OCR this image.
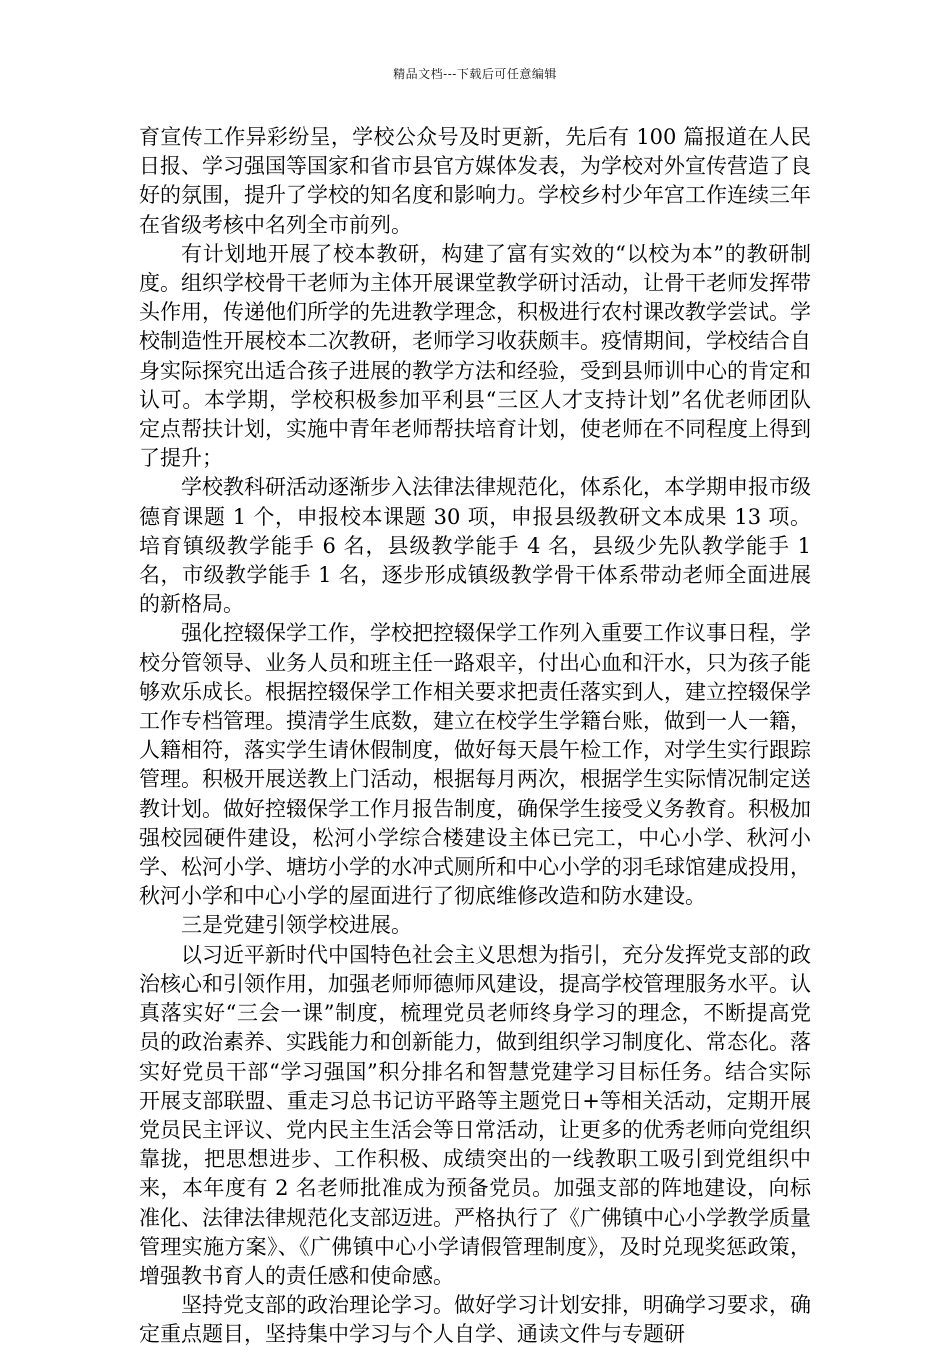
精品文档---下载后可任意编辑

育宣传工作异彩纷呈，学校公众号及时更新，先后有 100 篇报道在人民日报、学习强国等国家和省市县官方媒体发表，为学校对外宣传营造了良好的氛围，提升了学校的知名度和影响力。学校乡村少年宫工作连续三年在省级考核中名列全市前列。

有计划地开展了校本教研，构建了富有实效的“以校为本”的教研制度。组织学校骨干老师为主体开展课堂教学研讨活动，让骨干老师发挥带头作用，传递他们所学的先进教学理念，积极进行农村课改教学尝试。学校制造性开展校本二次教研，老师学习收获颇丰。疫情期间，学校结合自身实际探究出适合孩子进展的教学方法和经验，受到县师训中心的肯定和认可。本学期，学校积极参加平利县“三区人才支持计划”名优老师团队定点帮扶计划，实施中青年老师帮扶培育计划，使老师在不同程度上得到了提升；

学校教科研活动逐渐步入法律法律规范化，体系化，本学期申报市级德育课题 1 个，申报校本课题 30 项，申报县级教研文本成果 13 项。培育镇级教学能手 6 名，县级教学能手 4 名，县级少先队教学能手 1 名，市级教学能手 1 名，逐步形成镇级教学骨干体系带动老师全面进展的新格局。

强化控辍保学工作，学校把控辍保学工作列入重要工作议事日程，学校分管领导、业务人员和班主任一路艰辛，付出心血和汗水，只为孩子能够欢乐成长。根据控辍保学工作相关要求把责任落实到人，建立控辍保学工作专档管理。摸清学生底数，建立在校学生学籍台账，做到一人一籍，人籍相符，落实学生请休假制度，做好每天晨午检工作，对学生实行跟踪管理。积极开展送教上门活动，根据每月两次，根据学生实际情况制定送教计划。做好控辍保学工作月报告制度，确保学生接受义务教育。积极加强校园硬件建设，松河小学综合楼建设主体已完工，中心小学、秋河小学、松河小学、塘坊小学的水冲式厕所和中心小学的羽毛球馆建成投用，秋河小学和中心小学的屋面进行了彻底维修改造和防水建设。

三是党建引领学校进展。

以习近平新时代中国特色社会主义思想为指引，充分发挥党支部的政治核心和引领作用，加强老师师德师风建设，提高学校管理服务水平。认真落实好“三会一课”制度，梳理党员老师终身学习的理念，不断提高党员的政治素养、实践能力和创新能力，做到组织学习制度化、常态化。落实好党员干部“学习强国”积分排名和智慧党建学习目标任务。结合实际开展支部联盟、重走习总书记访平路等主题党日+等相关活动，定期开展党员民主评议、党内民主生活会等日常活动，让更多的优秀老师向党组织靠拢，把思想进步、工作积极、成绩突出的一线教职工吸引到党组织中来，本年度有 2 名老师批准成为预备党员。加强支部的阵地建设，向标准化、法律法律规范化支部迈进。严格执行了《广佛镇中心小学教学质量管理实施方案》、《广佛镇中心小学请假管理制度》，及时兑现奖惩政策，增强教书育人的责任感和使命感。

坚持党支部的政治理论学习。做好学习计划安排，明确学习要求，确定重点题目，坚持集中学习与个人自学、通读文件与专题研
